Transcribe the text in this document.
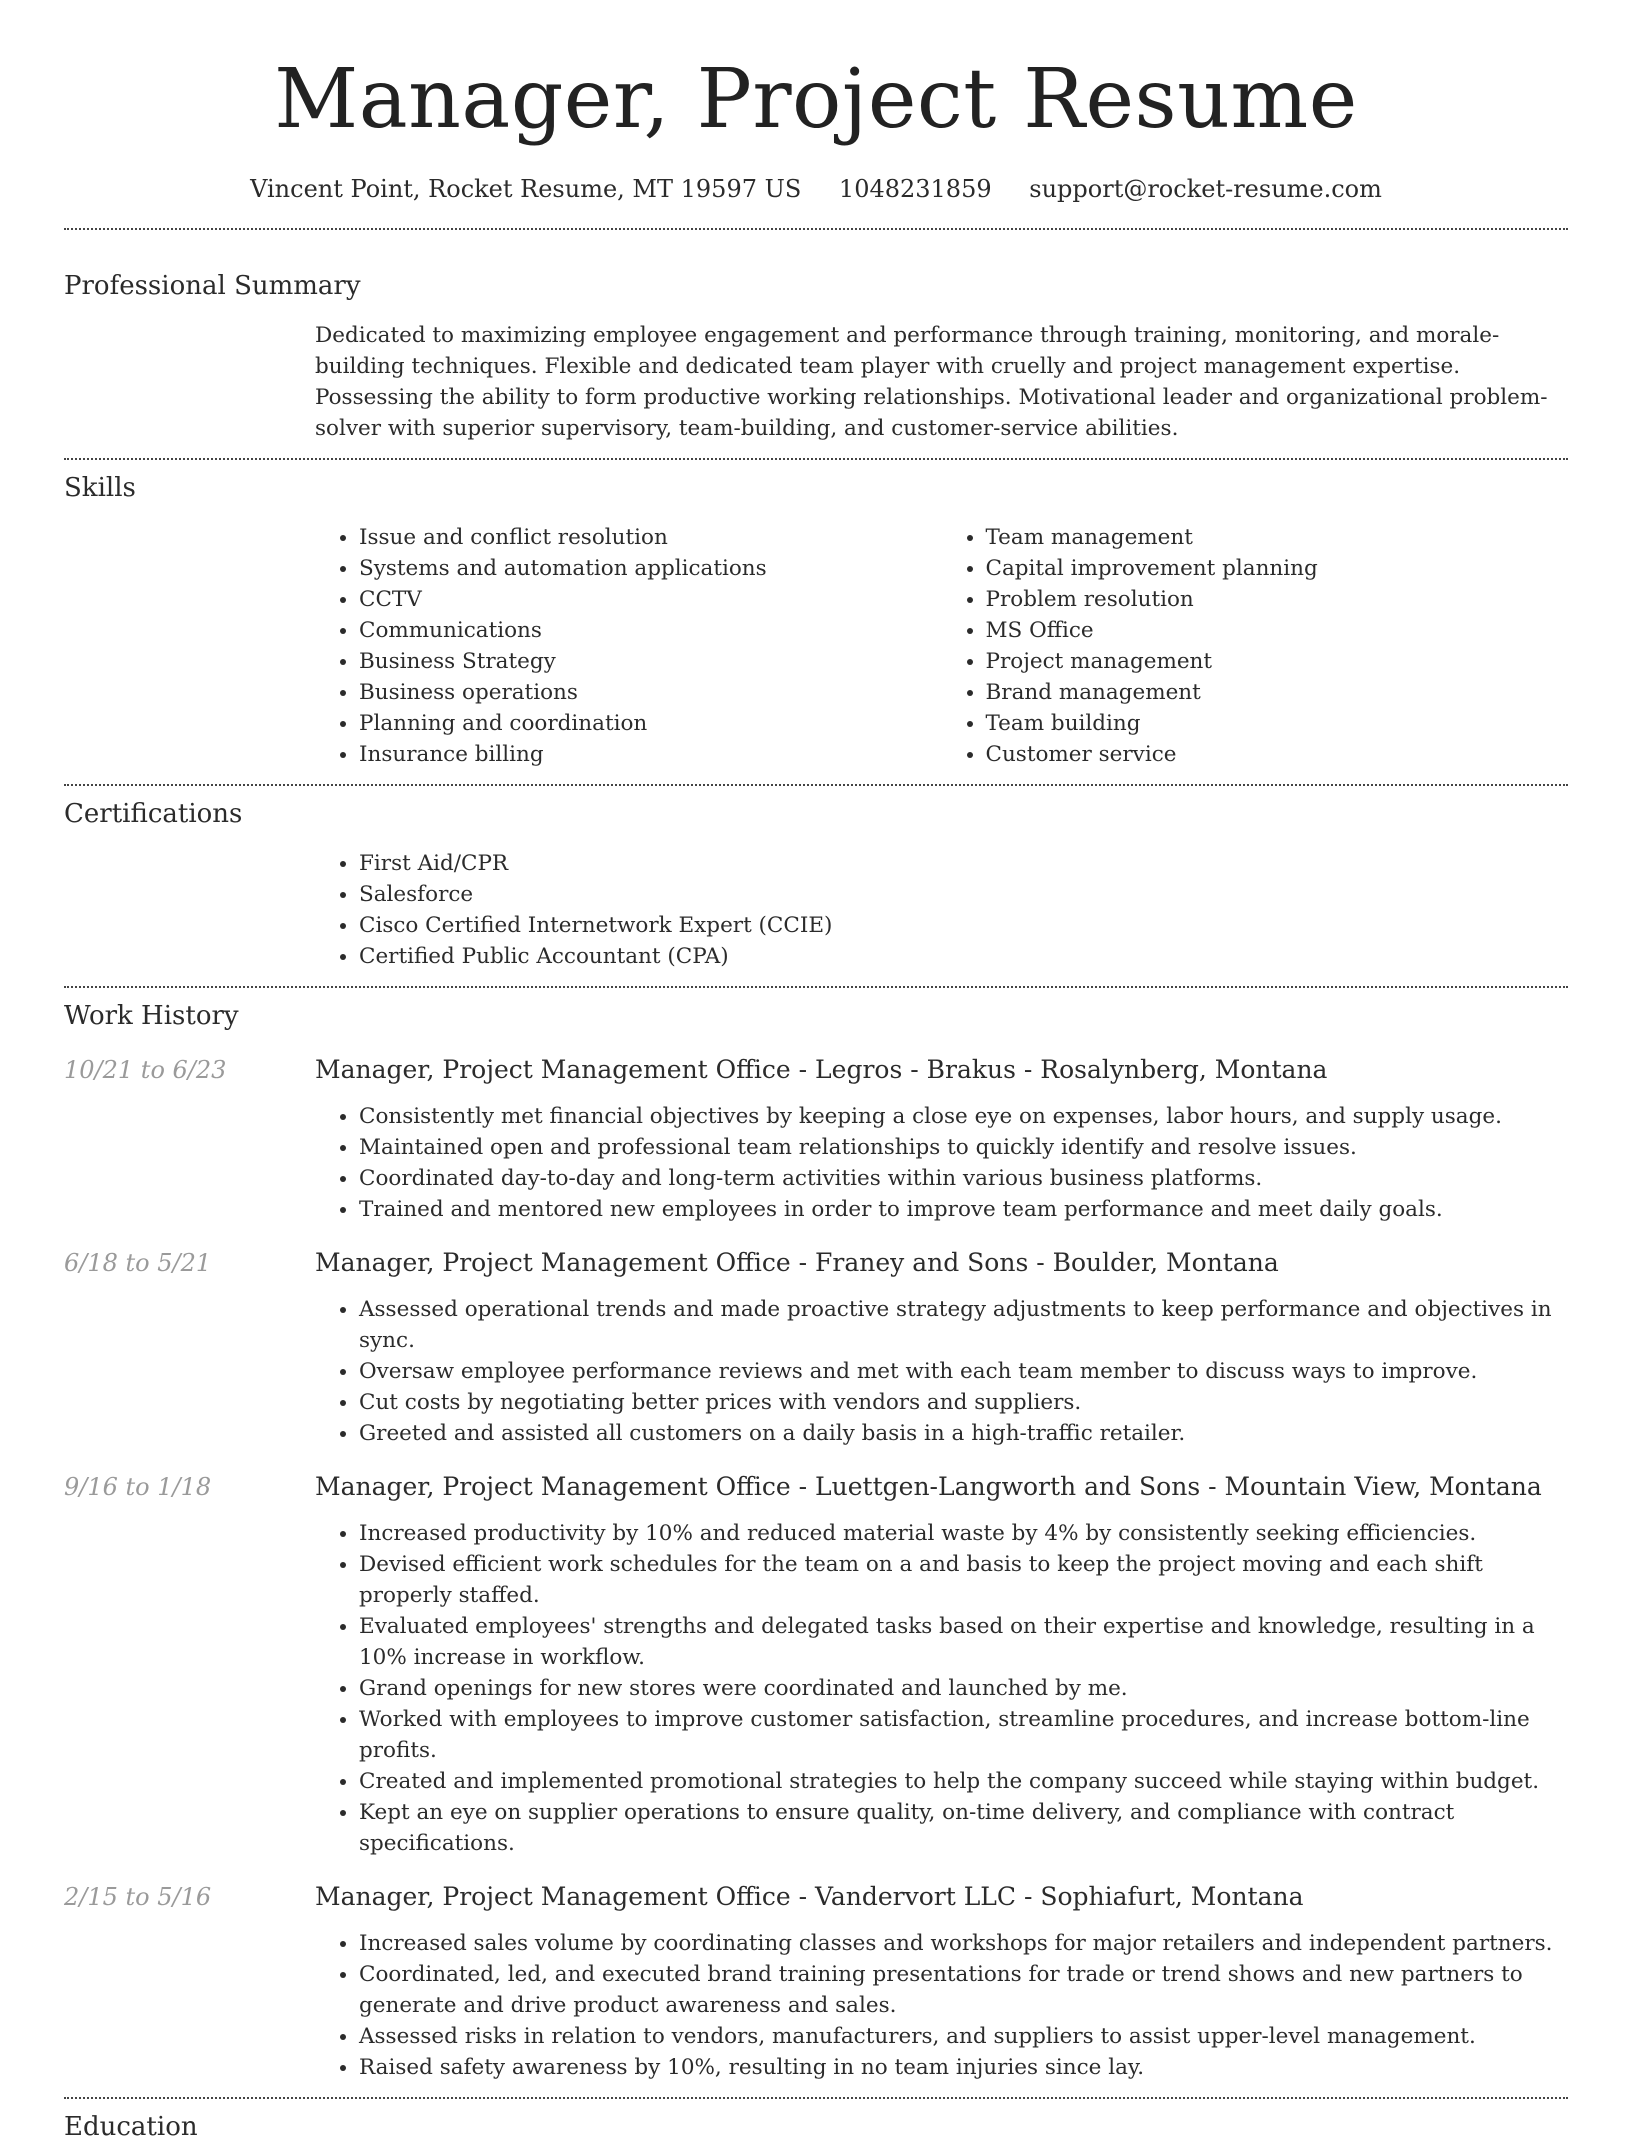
Manager, Project Resume
Vincent Point, Rocket Resume, MT 19597 US 1048231859 support@rocket-resume.com
Professional Summary
Dedicated to maximizing employee engagement and performance through training, monitoring, and morale-building techniques. Flexible and dedicated team player with cruelly and project management expertise. Possessing the ability to form productive working relationships. Motivational leader and organizational problem-solver with superior supervisory, team-building, and customer-service abilities.
Skills
• Issue and conflict resolution
• Systems and automation applications
• CCTV
• Communications
• Business Strategy
• Business operations
• Planning and coordination
• Insurance billing
• Team management
• Capital improvement planning
• Problem resolution
• MS Office
• Project management
• Brand management
• Team building
• Customer service
Certifications
• First Aid/CPR
• Salesforce
• Cisco Certified Internetwork Expert (CCIE)
• Certified Public Accountant (CPA)
Work History
10/21 to 6/23	Manager, Project Management Office - Legros - Brakus - Rosalynberg, Montana
• Consistently met financial objectives by keeping a close eye on expenses, labor hours, and supply usage.
• Maintained open and professional team relationships to quickly identify and resolve issues.
• Coordinated day-to-day and long-term activities within various business platforms.
• Trained and mentored new employees in order to improve team performance and meet daily goals.
6/18 to 5/21	Manager, Project Management Office - Franey and Sons - Boulder, Montana
• Assessed operational trends and made proactive strategy adjustments to keep performance and objectives in sync.
• Oversaw employee performance reviews and met with each team member to discuss ways to improve.
• Cut costs by negotiating better prices with vendors and suppliers.
• Greeted and assisted all customers on a daily basis in a high-traffic retailer.
9/16 to 1/18	Manager, Project Management Office - Luettgen-Langworth and Sons - Mountain View, Montana
• Increased productivity by 10% and reduced material waste by 4% by consistently seeking efficiencies.
• Devised efficient work schedules for the team on a and basis to keep the project moving and each shift properly staffed.
• Evaluated employees' strengths and delegated tasks based on their expertise and knowledge, resulting in a 10% increase in workflow.
• Grand openings for new stores were coordinated and launched by me.
• Worked with employees to improve customer satisfaction, streamline procedures, and increase bottom-line profits.
• Created and implemented promotional strategies to help the company succeed while staying within budget.
• Kept an eye on supplier operations to ensure quality, on-time delivery, and compliance with contract specifications.
2/15 to 5/16	Manager, Project Management Office - Vandervort LLC - Sophiafurt, Montana
• Increased sales volume by coordinating classes and workshops for major retailers and independent partners.
• Coordinated, led, and executed brand training presentations for trade or trend shows and new partners to generate and drive product awareness and sales.
• Assessed risks in relation to vendors, manufacturers, and suppliers to assist upper-level management.
• Raised safety awareness by 10%, resulting in no team injuries since lay.
Education
